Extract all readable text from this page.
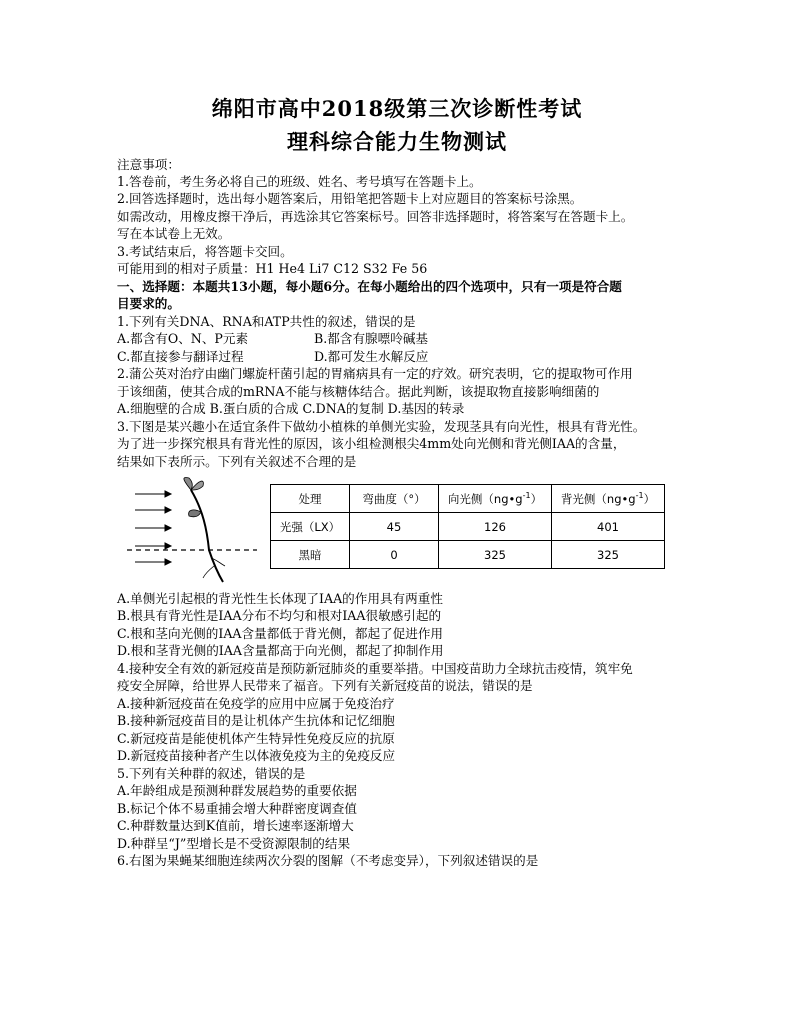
绵阳市高中2018级第三次诊断性考试
理科综合能力生物测试
注意事项：
1.答卷前，考生务必将自己的班级、姓名、考号填写在答题卡上。
2.回答选择题时，选出每小题答案后，用铅笔把答题卡上对应题目的答案标号涂黑。
如需改动，用橡皮擦干净后，再选涂其它答案标号。回答非选择题时，将答案写在答题卡上。
写在本试卷上无效。
3.考试结束后，将答题卡交回。
可能用到的相对子质量：H1 He4 Li7 C12 S32 Fe 56
一、选择题：本题共13小题，每小题6分。在每小题给出的四个选项中，只有一项是符合题
目要求的。
1.下列有关DNA、RNA和ATP共性的叙述，错误的是
A.都含有O、N、P元素	B.都含有腺嘌呤碱基
C.都直接参与翻译过程	D.都可发生水解反应
2.蒲公英对治疗由幽门螺旋杆菌引起的胃痛病具有一定的疗效。研究表明，它的提取物可作用
于该细菌，使其合成的mRNA不能与核糖体结合。据此判断，该提取物直接影响细菌的
A.细胞壁的合成 B.蛋白质的合成 C.DNA的复制 D.基因的转录
3.下图是某兴趣小在适宜条件下做幼小植株的单侧光实验，发现茎具有向光性，根具有背光性。
为了进一步探究根具有背光性的原因，该小组检测根尖4mm处向光侧和背光侧IAA的含量，
结果如下表所示。下列有关叙述不合理的是
处理	弯曲度（°）	向光侧$(ng•g^{-1})$	背光侧$(ng•g^{-1})$
光强（LX）	45	126	401
黑暗	0	325	325
A.单侧光引起根的背光性生长体现了IAA的作用具有两重性
B.根具有背光性是IAA分布不均匀和根对IAA很敏感引起的
C.根和茎向光侧的IAA含量都低于背光侧，都起了促进作用
D.根和茎背光侧的IAA含量都高于向光侧，都起了抑制作用
4.接种安全有效的新冠疫苗是预防新冠肺炎的重要举措。中国疫苗助力全球抗击疫情，筑牢免
疫安全屏障，给世界人民带来了福音。下列有关新冠疫苗的说法，错误的是
A.接种新冠疫苗在免疫学的应用中应属于免疫治疗
B.接种新冠疫苗目的是让机体产生抗体和记忆细胞
C.新冠疫苗是能使机体产生特异性免疫反应的抗原
D.新冠疫苗接种者产生以体液免疫为主的免疫反应
5.下列有关种群的叙述，错误的是
A.年龄组成是预测种群发展趋势的重要依据
B.标记个体不易重捕会增大种群密度调查值
C.种群数量达到K值前，增长速率逐渐增大
D.种群呈“J”型增长是不受资源限制的结果
6.右图为果蝇某细胞连续两次分裂的图解（不考虑变异），下列叙述错误的是
